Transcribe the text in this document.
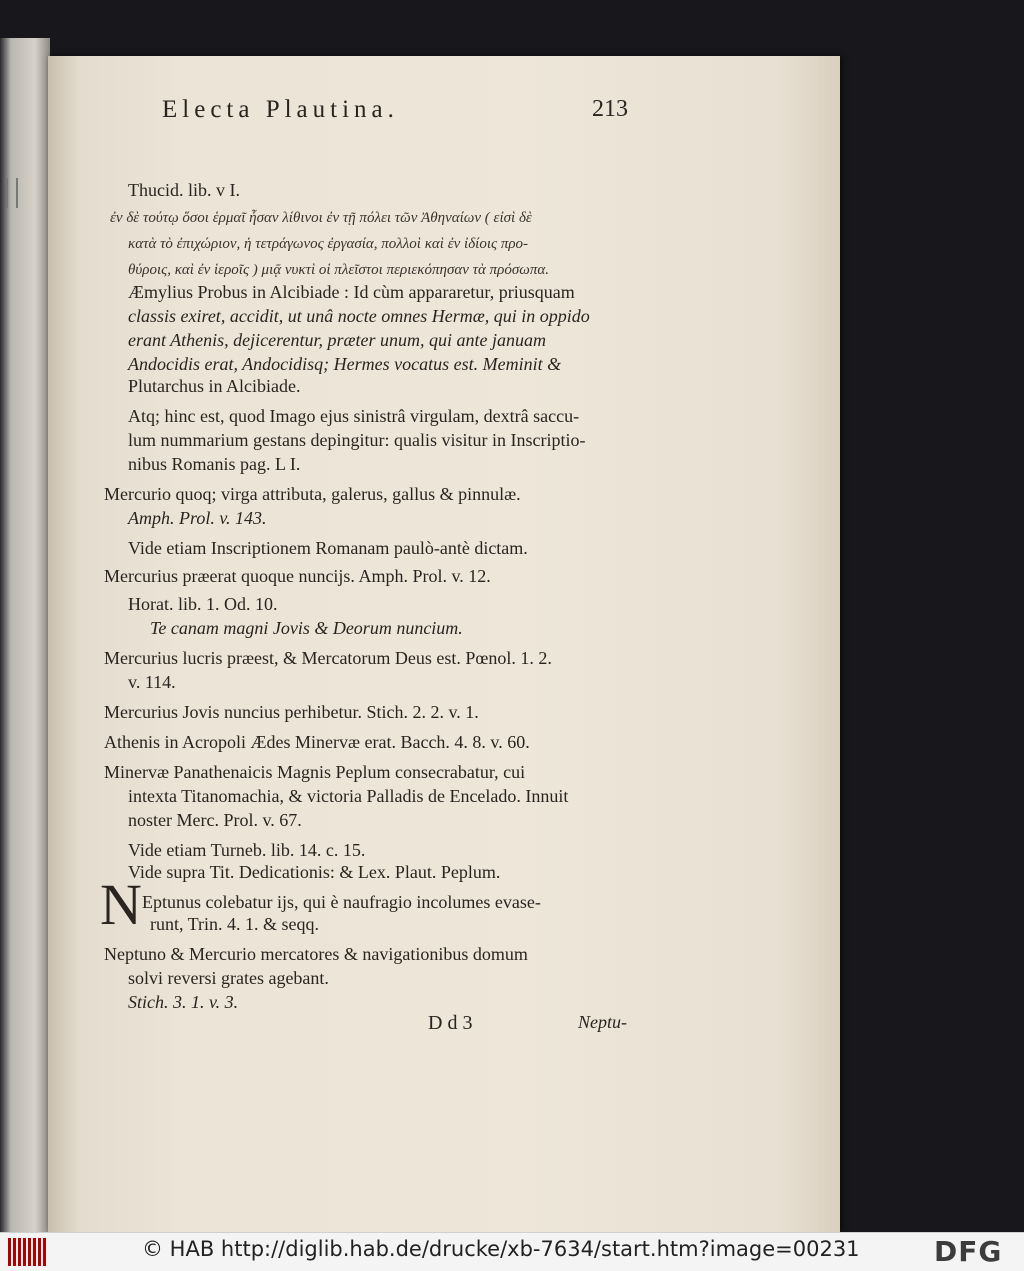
Electa Plautina.	213
Thucid. lib. v I.
ἐν δὲ τούτῳ ὅσοι ἑρμαῖ ἦσαν λίθινοι ἐν τῇ πόλει τῶν Ἀθηναίων ( εἰσὶ δὲ
κατὰ τὸ ἐπιχώριον, ἡ τετράγωνος ἐργασία, πολλοὶ καὶ ἐν ἰδίοις προ-
θύροις, καὶ ἐν ἱεροῖς ) μιᾷ νυκτὶ οἱ πλεῖστοι περιεκόπησαν τὰ πρόσωπα.
Æmylius Probus in Alcibiade : Id cùm appararetur, priusquam
classis exiret, accidit, ut unâ nocte omnes Hermæ, qui in oppido
erant Athenis, dejicerentur, præter unum, qui ante januam
Andocidis erat, Andocidisq; Hermes vocatus est. Meminit &
Plutarchus in Alcibiade.
Atq; hinc est, quod Imago ejus sinistrâ virgulam, dextrâ saccu-
lum nummarium gestans depingitur: qualis visitur in Inscriptio-
nibus Romanis pag. L I.
Mercurio quoq; virga attributa, galerus, gallus & pinnulæ.
Amph. Prol. v. 143.
Vide etiam Inscriptionem Romanam paulò-antè dictam.
Mercurius præerat quoque nuncijs. Amph. Prol. v. 12.
Horat. lib. 1. Od. 10.
Te canam magni Jovis & Deorum nuncium.
Mercurius lucris præest, & Mercatorum Deus est. Pœnol. 1. 2.
v. 114.
Mercurius Jovis nuncius perhibetur. Stich. 2. 2. v. 1.
Athenis in Acropoli Ædes Minervæ erat. Bacch. 4. 8. v. 60.
Minervæ Panathenaicis Magnis Peplum consecrabatur, cui
intexta Titanomachia, & victoria Palladis de Encelado. Innuit
noster Merc. Prol. v. 67.
Vide etiam Turneb. lib. 14. c. 15.
Vide supra Tit. Dedicationis: & Lex. Plaut. Peplum.
N Eptunus colebatur ijs, qui è naufragio incolumes evase-
runt, Trin. 4. 1. & seqq.
Neptuno & Mercurio mercatores & navigationibus domum
solvi reversi grates agebant.
Stich. 3. 1. v. 3.
D d 3	Neptu-
© HAB http://diglib.hab.de/drucke/xb-7634/start.htm?image=00231	DFG
